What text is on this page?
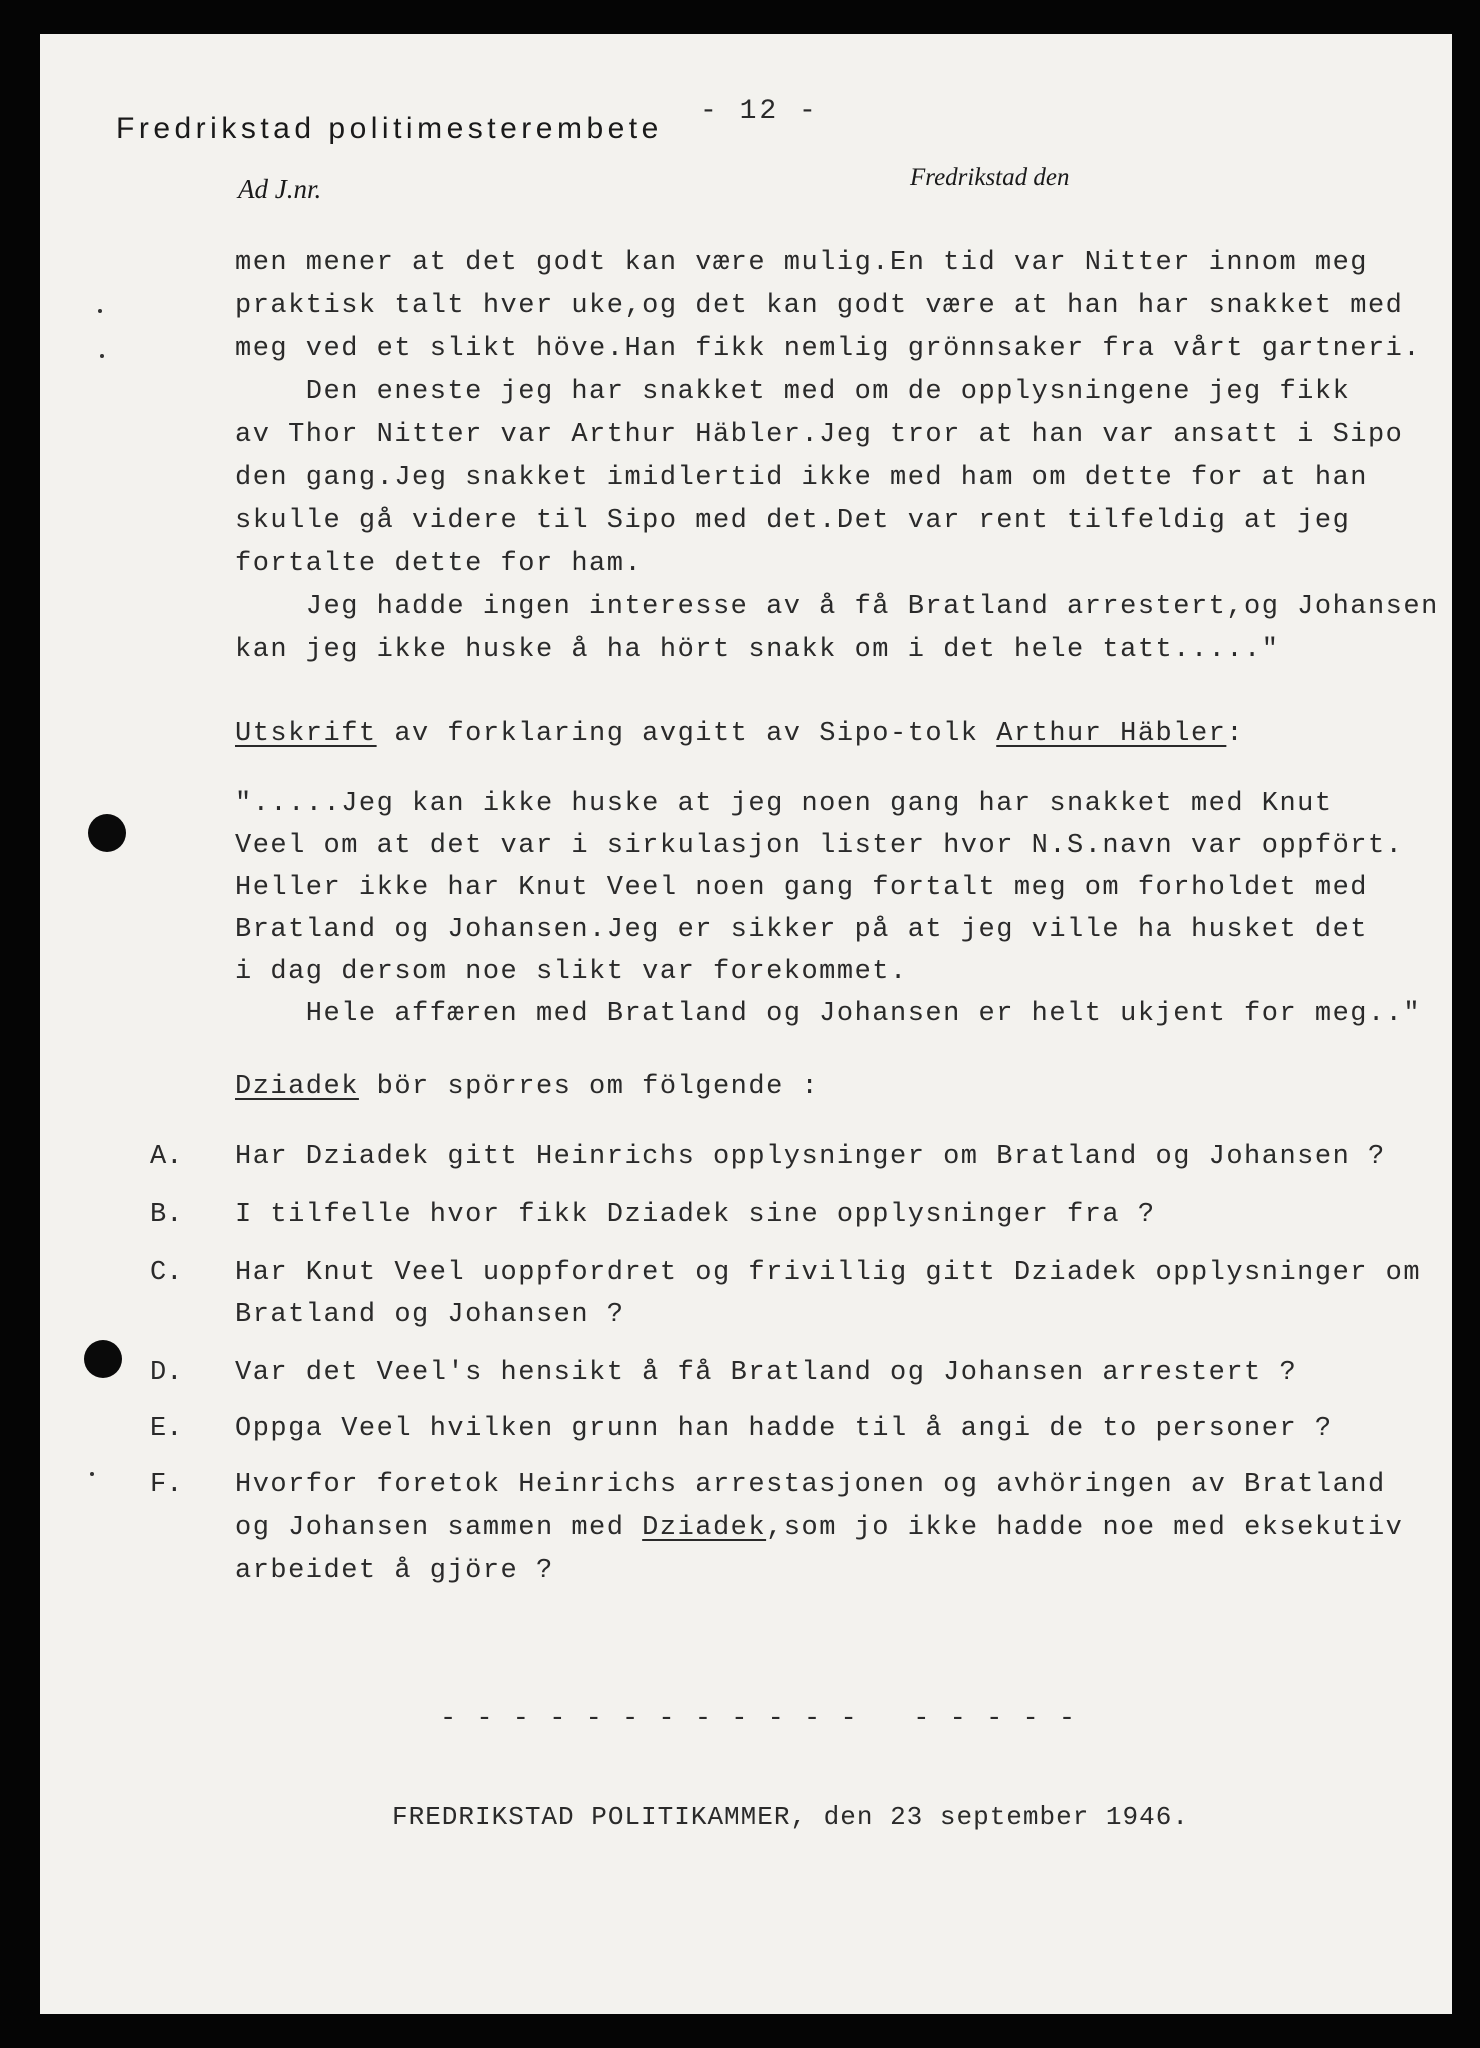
Fredrikstad politimesterembete
- 12 -
Ad J.nr.	Fredrikstad den
men mener at det godt kan være mulig.En tid var Nitter innom meg
praktisk talt hver uke,og det kan godt være at han har snakket med
meg ved et slikt höve.Han fikk nemlig grönnsaker fra vårt gartneri.
Den eneste jeg har snakket med om de opplysningene jeg fikk
av Thor Nitter var Arthur Häbler.Jeg tror at han var ansatt i Sipo
den gang.Jeg snakket imidlertid ikke med ham om dette for at han
skulle gå videre til Sipo med det.Det var rent tilfeldig at jeg
fortalte dette for ham.
Jeg hadde ingen interesse av å få Bratland arrestert,og Johansen
kan jeg ikke huske å ha hört snakk om i det hele tatt....."
Utskrift av forklaring avgitt av Sipo-tolk Arthur Häbler:
".....Jeg kan ikke huske at jeg noen gang har snakket med Knut
Veel om at det var i sirkulasjon lister hvor N.S.navn var oppfört.
Heller ikke har Knut Veel noen gang fortalt meg om forholdet med
Bratland og Johansen.Jeg er sikker på at jeg ville ha husket det
i dag dersom noe slikt var forekommet.
Hele affæren med Bratland og Johansen er helt ukjent for meg.."
Dziadek bör spörres om fölgende :
A. Har Dziadek gitt Heinrichs opplysninger om Bratland og Johansen ?
B. I tilfelle hvor fikk Dziadek sine opplysninger fra ?
C. Har Knut Veel uoppfordret og frivillig gitt Dziadek opplysninger om
Bratland og Johansen ?
D. Var det Veel's hensikt å få Bratland og Johansen arrestert ?
E. Oppga Veel hvilken grunn han hadde til å angi de to personer ?
F. Hvorfor foretok Heinrichs arrestasjonen og avhöringen av Bratland
og Johansen sammen med Dziadek,som jo ikke hadde noe med eksekutiv
arbeidet å gjöre ?
- - - - - - - - - - - -   - - - - -
FREDRIKSTAD POLITIKAMMER, den 23 september 1946.
